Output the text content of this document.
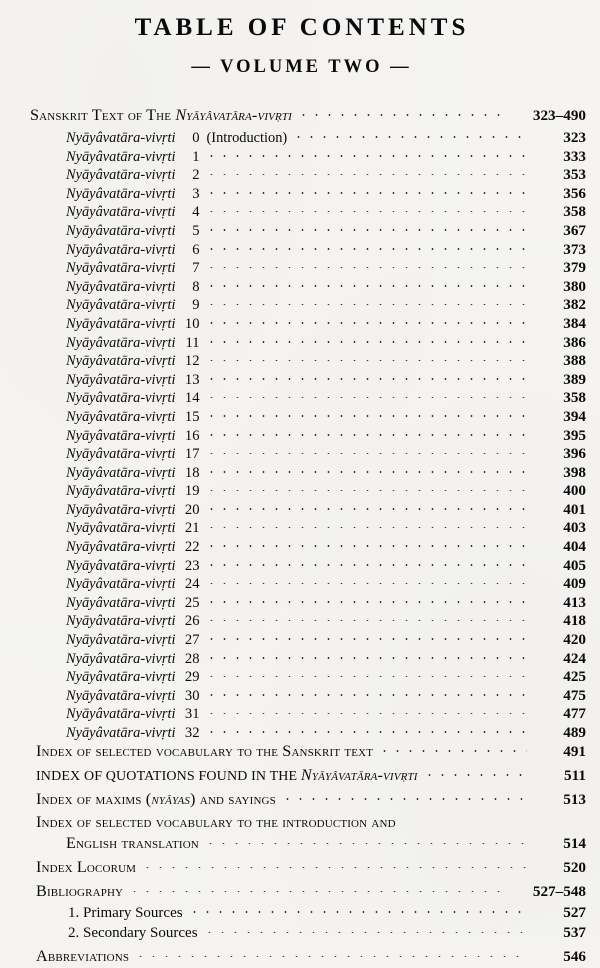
TABLE OF CONTENTS
— VOLUME TWO —
Sanskrit Text of The Nyāyâvatāra-vivṛti	323–490
Nyāyâvatāra-vivṛti 0 (Introduction)	323
Nyāyâvatāra-vivṛti 1	333
Nyāyâvatāra-vivṛti 2	353
Nyāyâvatāra-vivṛti 3	356
Nyāyâvatāra-vivṛti 4	358
Nyāyâvatāra-vivṛti 5	367
Nyāyâvatāra-vivṛti 6	373
Nyāyâvatāra-vivṛti 7	379
Nyāyâvatāra-vivṛti 8	380
Nyāyâvatāra-vivṛti 9	382
Nyāyâvatāra-vivṛti 10	384
Nyāyâvatāra-vivṛti 11	386
Nyāyâvatāra-vivṛti 12	388
Nyāyâvatāra-vivṛti 13	389
Nyāyâvatāra-vivṛti 14	358
Nyāyâvatāra-vivṛti 15	394
Nyāyâvatāra-vivṛti 16	395
Nyāyâvatāra-vivṛti 17	396
Nyāyâvatāra-vivṛti 18	398
Nyāyâvatāra-vivṛti 19	400
Nyāyâvatāra-vivṛti 20	401
Nyāyâvatāra-vivṛti 21	403
Nyāyâvatāra-vivṛti 22	404
Nyāyâvatāra-vivṛti 23	405
Nyāyâvatāra-vivṛti 24	409
Nyāyâvatāra-vivṛti 25	413
Nyāyâvatāra-vivṛti 26	418
Nyāyâvatāra-vivṛti 27	420
Nyāyâvatāra-vivṛti 28	424
Nyāyâvatāra-vivṛti 29	425
Nyāyâvatāra-vivṛti 30	475
Nyāyâvatāra-vivṛti 31	477
Nyāyâvatāra-vivṛti 32	489
Index of selected vocabulary to the Sanskrit text	491
INDEX OF QUOTATIONS FOUND IN THE Nyāyâvatāra-vivṛti	511
Index of maxims (nyāyas) and sayings	513
Index of selected vocabulary to the introduction and
English translation	514
Index Locorum	520
Bibliography	527–548
1. Primary Sources	527
2. Secondary Sources	537
Abbreviations	546
